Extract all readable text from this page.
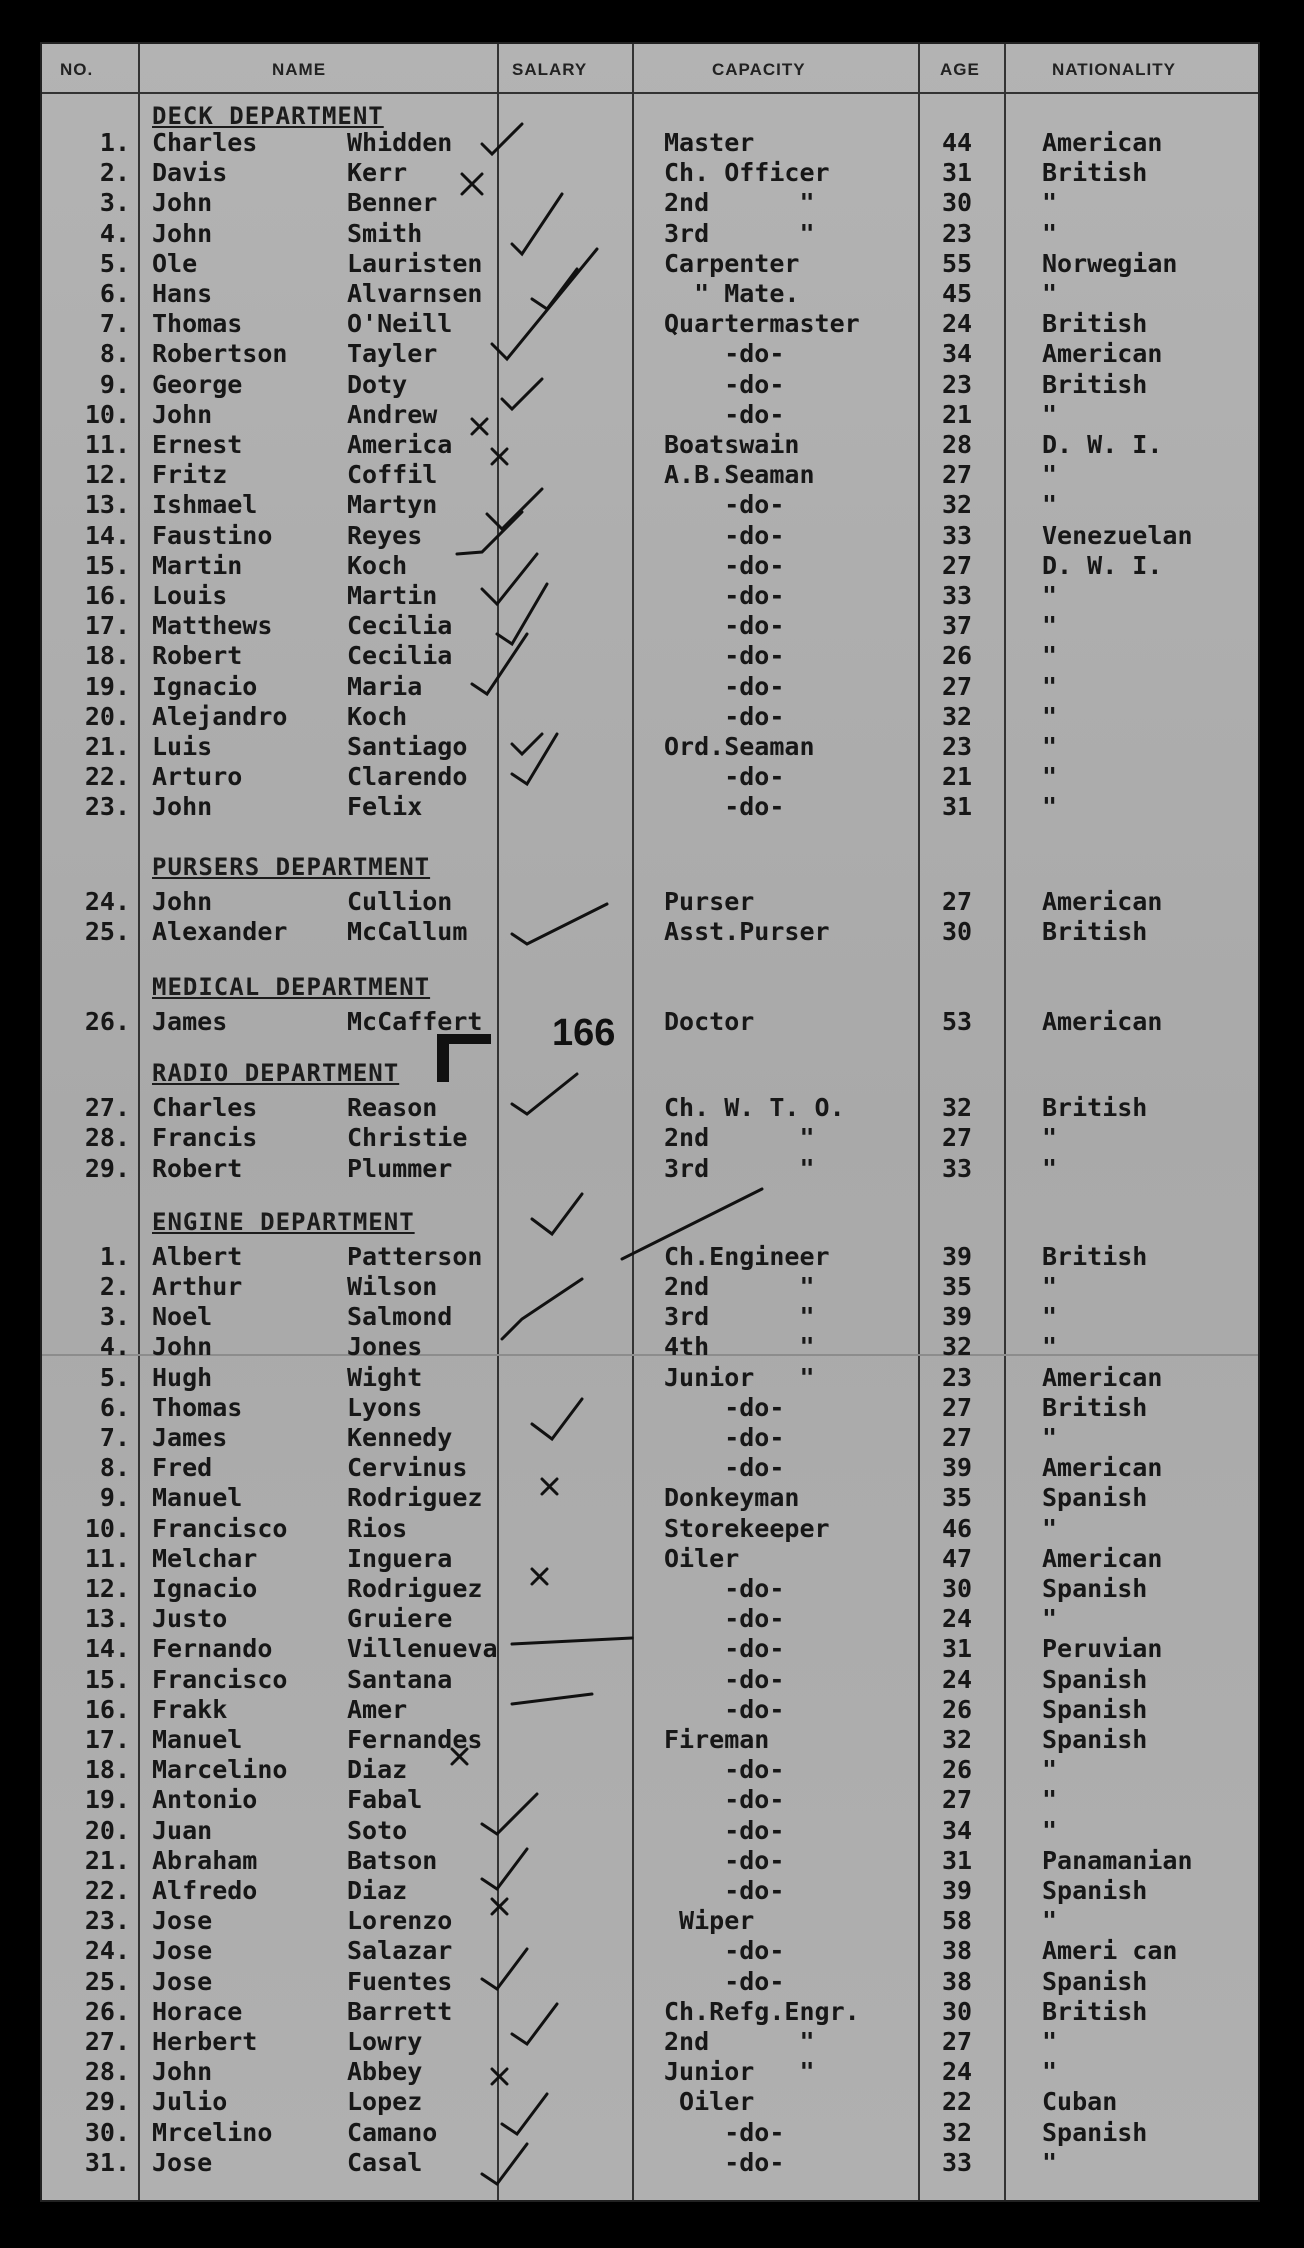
NO.	NAME	SALARY	CAPACITY	AGE	NATIONALITY
DECK DEPARTMENT
1. Charles	Whidden	Master	44	American
2. Davis	Kerr	Ch. Officer	31	British
3. John	Benner	2nd      "	30	"
4. John	Smith	3rd      "	23	"
5. Ole	Lauristen	Carpenter	55	Norwegian
6. Hans	Alvarnsen	" Mate.	45	"
7. Thomas	O'Neill	Quartermaster	24	British
8. Robertson Tayler	-do-	34	American
9. George	Doty	-do-	23	British
10. John	Andrew	-do-	21	"
11. Ernest	America	Boatswain	28	D. W. I.
12. Fritz	Coffil	A.B.Seaman	27	"
13. Ishmael	Martyn	-do-	32	"
14. Faustino	Reyes	-do-	33	Venezuelan
15. Martin	Koch	-do-	27	D. W. I.
16. Louis	Martin	-do-	33	"
17. Matthews	Cecilia	-do-	37	"
18. Robert	Cecilia	-do-	26	"
19. Ignacio	Maria	-do-	27	"
20. Alejandro Koch	-do-	32	"
21. Luis	Santiago	Ord.Seaman	23	"
22. Arturo	Clarendo	-do-	21	"
23. John	Felix	-do-	31	"
PURSERS DEPARTMENT
24. John	Cullion	Purser	27	American
25. Alexander McCallum	Asst.Purser	30	British
MEDICAL DEPARTMENT
26. James	McCaffert	Doctor	53	American
RADIO DEPARTMENT
27. Charles	Reason	Ch. W. T. O.	32	British
28. Francis	Christie	2nd      "	27	"
29. Robert	Plummer	3rd      "	33	"
ENGINE DEPARTMENT
1. Albert	Patterson	Ch.Engineer	39	British
2. Arthur	Wilson	2nd      "	35	"
3. Noel	Salmond	3rd      "	39	"
4. John	Jones	4th      "	32	"
5. Hugh	Wight	Junior   "	23	American
6. Thomas	Lyons	-do-	27	British
7. James	Kennedy	-do-	27	"
8. Fred	Cervinus	-do-	39	American
9. Manuel	Rodriguez	Donkeyman	35	Spanish
10. Francisco Rios	Storekeeper	46	"
11. Melchar	Inguera	Oiler	47	American
12. Ignacio	Rodriguez	-do-	30	Spanish
13. Justo	Gruiere	-do-	24	"
14. Fernando	Villenueva	-do-	31	Peruvian
15. Francisco Santana	-do-	24	Spanish
16. Frakk	Amer	-do-	26	Spanish
17. Manuel	Fernandes	Fireman	32	Spanish
18. Marcelino Diaz	-do-	26	"
19. Antonio	Fabal	-do-	27	"
20. Juan	Soto	-do-	34	"
21. Abraham	Batson	-do-	31	Panamanian
22. Alfredo	Diaz	-do-	39	Spanish
23. Jose	Lorenzo	Wiper	58	"
24. Jose	Salazar	-do-	38	Ameri can
25. Jose	Fuentes	-do-	38	Spanish
26. Horace	Barrett	Ch.Refg.Engr.	30	British
27. Herbert	Lowry	2nd      "	27	"
28. John	Abbey	Junior   "	24	"
29. Julio	Lopez	Oiler	22	Cuban
30. Mrcelino	Camano	-do-	32	Spanish
31. Jose	Casal	-do-	33	"
166
